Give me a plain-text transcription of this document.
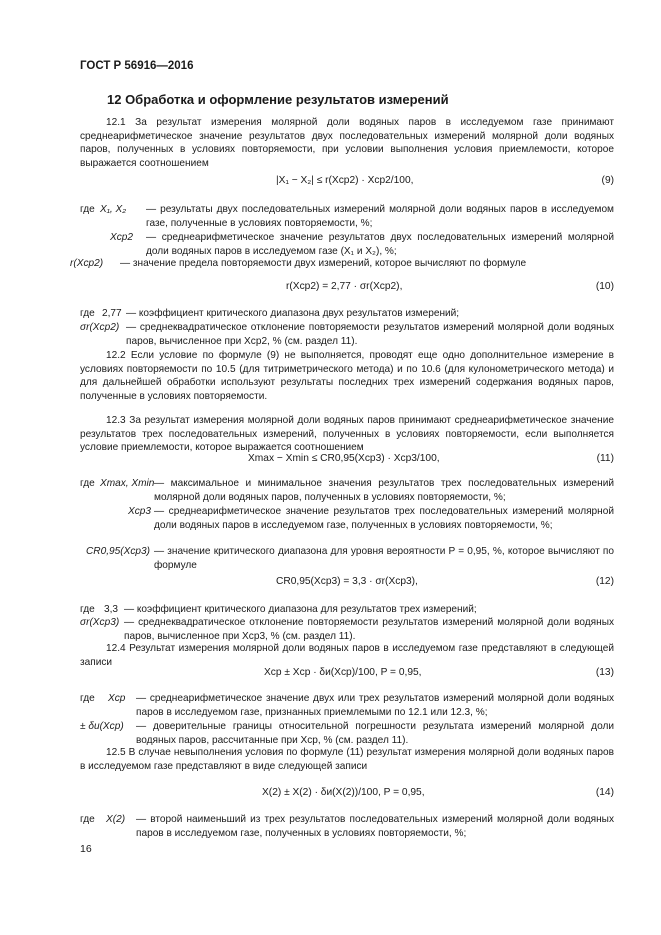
ГОСТ Р 56916—2016
12 Обработка и оформление результатов измерений
12.1 За результат измерения молярной доли водяных паров в исследуемом газе принимают среднеарифметическое значение результатов двух последовательных измерений молярной доли водяных паров, полученных в условиях повторяемости, при условии выполнения условия приемлемости, которое выражается соотношением
|X₁ − X₂| ≤ r(Xср2) · Xср2/100,	(9)
где X₁, X₂ — результаты двух последовательных измерений молярной доли водяных паров в исследуемом газе, полученные в условиях повторяемости, %;
Xср2 — среднеарифметическое значение результатов двух последовательных измерений молярной доли водяных паров в исследуемом газе (X₁ и X₂), %;
r(Xср2) — значение предела повторяемости двух измерений, которое вычисляют по формуле
r(Xср2) = 2,77 · σr(Xср2),	(10)
где 2,77 — коэффициент критического диапазона двух результатов измерений;
σr(Xср2) — среднеквадратическое отклонение повторяемости результатов измерений молярной доли водяных паров, вычисленное при Xср2, % (см. раздел 11).
12.2 Если условие по формуле (9) не выполняется, проводят еще одно дополнительное измерение в условиях повторяемости по 10.5 (для титриметрического метода) и по 10.6 (для кулонометрического метода) и для дальнейшей обработки используют результаты последних трех измерений содержания водяных паров, полученные в условиях повторяемости.
12.3 За результат измерения молярной доли водяных паров принимают среднеарифметическое значение результатов трех последовательных измерений, полученных в условиях повторяемости, если выполняется условие приемлемости, которое выражается соотношением
Xmax − Xmin ≤ CR0,95(Xср3) · Xср3/100,	(11)
где Xmax, Xmin — максимальное и минимальное значения результатов трех последовательных измерений молярной доли водяных паров, полученных в условиях повторяемости, %;
Xср3 — среднеарифметическое значение результатов трех последовательных измерений молярной доли водяных паров в исследуемом газе, полученных в условиях повторяемости, %;
CR0,95(Xср3) — значение критического диапазона для уровня вероятности P = 0,95, %, которое вычисляют по формуле
CR0,95(Xср3) = 3,3 · σr(Xср3),	(12)
где 3,3 — коэффициент критического диапазона для результатов трех измерений;
σr(Xср3) — среднеквадратическое отклонение повторяемости результатов измерений молярной доли водяных паров, вычисленное при Xср3, % (см. раздел 11).
12.4 Результат измерения молярной доли водяных паров в исследуемом газе представляют в следующей записи
Xср ± Xср · δи(Xср)/100, P = 0,95,	(13)
где Xср — среднеарифметическое значение двух или трех результатов измерений молярной доли водяных паров в исследуемом газе, признанных приемлемыми по 12.1 или 12.3, %;
± δи(Xср) — доверительные границы относительной погрешности результата измерений молярной доли водяных паров, рассчитанные при Xср, % (см. раздел 11).
12.5 В случае невыполнения условия по формуле (11) результат измерения молярной доли водяных паров в исследуемом газе представляют в виде следующей записи
X(2) ± X(2) · δи(X(2))/100, P = 0,95,	(14)
где X(2) — второй наименьший из трех результатов последовательных измерений молярной доли водяных паров в исследуемом газе, полученных в условиях повторяемости, %;
16
